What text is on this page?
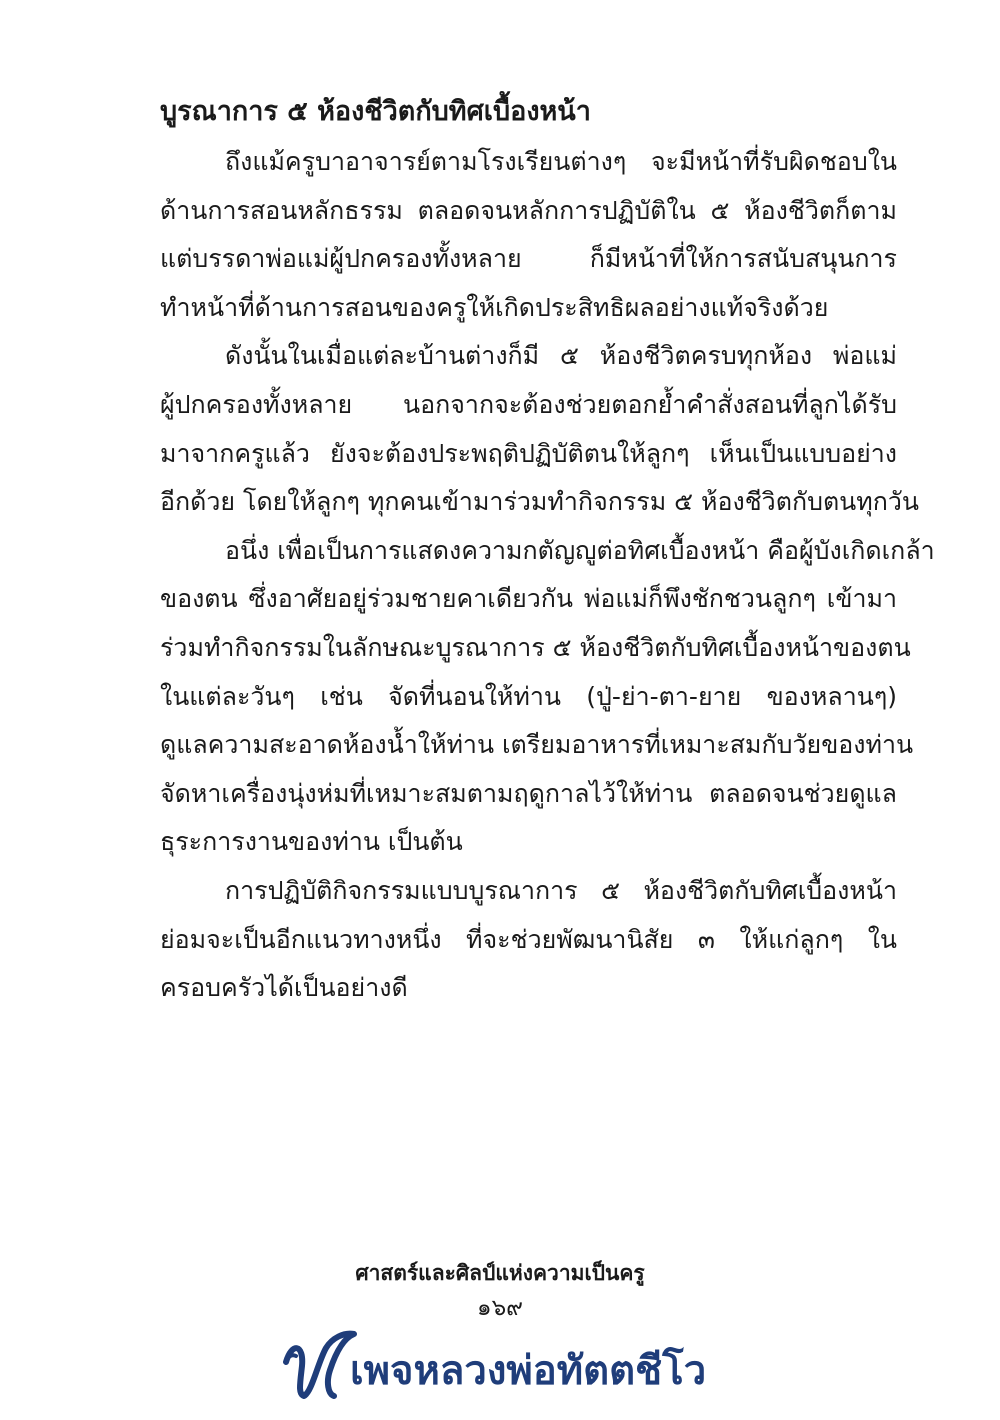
บูรณาการ ๕ ห้องชีวิตกับทิศเบื้องหน้า

ถึงแม้ครูบาอาจารย์ตามโรงเรียนต่างๆ จะมีหน้าที่รับผิดชอบใน
ด้านการสอนหลักธรรม ตลอดจนหลักการปฏิบัติใน ๕ ห้องชีวิตก็ตาม
แต่บรรดาพ่อแม่ผู้ปกครองทั้งหลาย ก็มีหน้าที่ให้การสนับสนุนการ
ทำหน้าที่ด้านการสอนของครูให้เกิดประสิทธิผลอย่างแท้จริงด้วย

ดังนั้นในเมื่อแต่ละบ้านต่างก็มี ๕ ห้องชีวิตครบทุกห้อง พ่อแม่
ผู้ปกครองทั้งหลาย นอกจากจะต้องช่วยตอกย้ำคำสั่งสอนที่ลูกได้รับ
มาจากครูแล้ว ยังจะต้องประพฤติปฏิบัติตนให้ลูกๆ เห็นเป็นแบบอย่าง
อีกด้วย โดยให้ลูกๆ ทุกคนเข้ามาร่วมทำกิจกรรม ๕ ห้องชีวิตกับตนทุกวัน

อนึ่ง เพื่อเป็นการแสดงความกตัญญูต่อทิศเบื้องหน้า คือผู้บังเกิดเกล้า
ของตน ซึ่งอาศัยอยู่ร่วมชายคาเดียวกัน พ่อแม่ก็พึงชักชวนลูกๆ เข้ามา
ร่วมทำกิจกรรมในลักษณะบูรณาการ ๕ ห้องชีวิตกับทิศเบื้องหน้าของตน
ในแต่ละวันๆ เช่น จัดที่นอนให้ท่าน (ปู่-ย่า-ตา-ยาย ของหลานๆ)
ดูแลความสะอาดห้องน้ำให้ท่าน เตรียมอาหารที่เหมาะสมกับวัยของท่าน
จัดหาเครื่องนุ่งห่มที่เหมาะสมตามฤดูกาลไว้ให้ท่าน ตลอดจนช่วยดูแล
ธุระการงานของท่าน เป็นต้น

การปฏิบัติกิจกรรมแบบบูรณาการ ๕ ห้องชีวิตกับทิศเบื้องหน้า
ย่อมจะเป็นอีกแนวทางหนึ่ง ที่จะช่วยพัฒนานิสัย ๓ ให้แก่ลูกๆ ใน
ครอบครัวได้เป็นอย่างดี

ศาสตร์และศิลป์แห่งความเป็นครู
๑๖๙
เพจหลวงพ่อทัตตชีโว
